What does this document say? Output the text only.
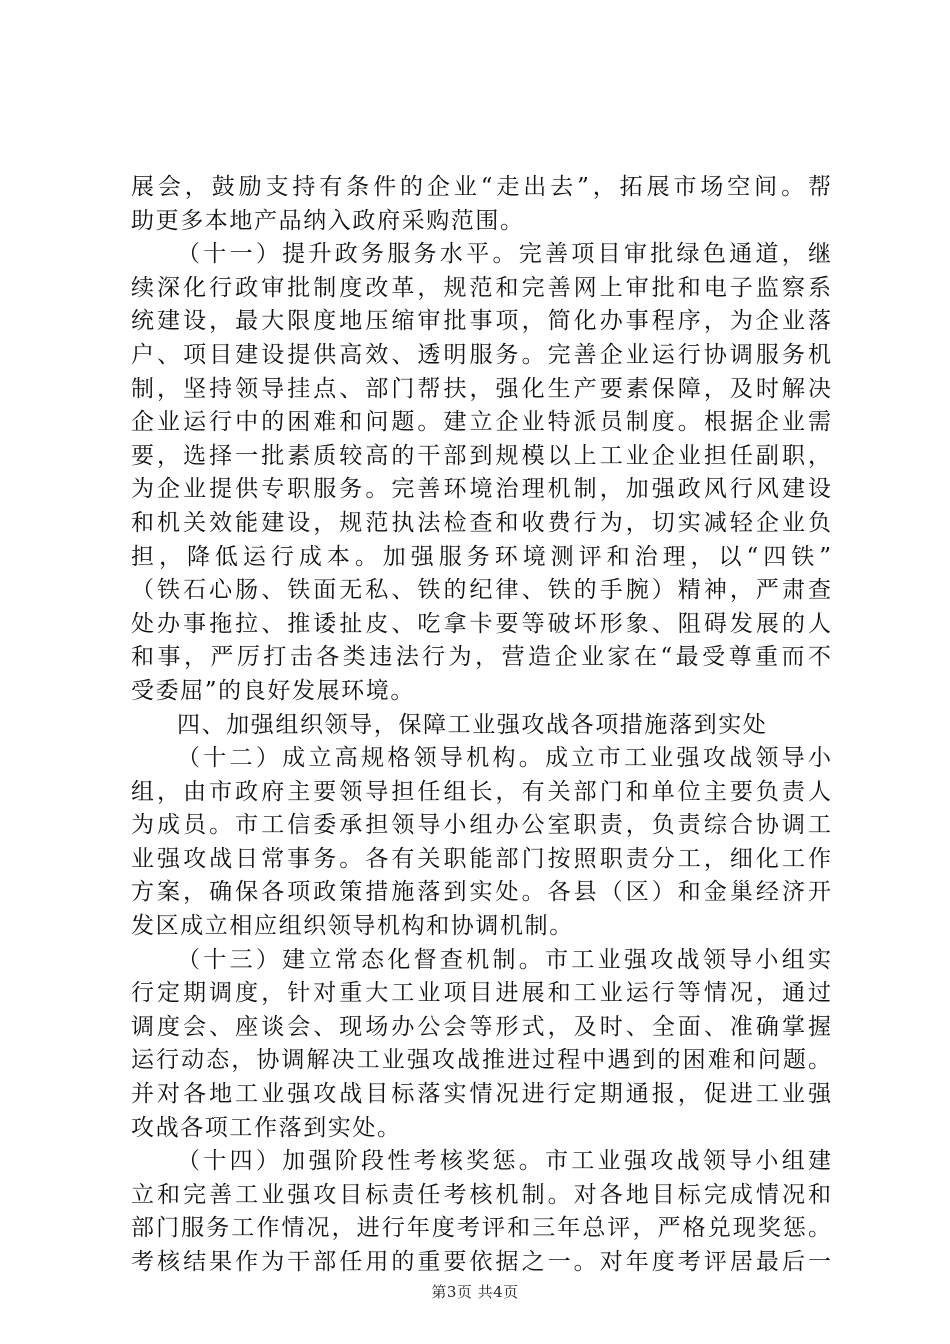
展会，鼓励支持有条件的企业“走出去”，拓展市场空间。帮
助更多本地产品纳入政府采购范围。
（十一）提升政务服务水平。完善项目审批绿色通道，继
续深化行政审批制度改革，规范和完善网上审批和电子监察系
统建设，最大限度地压缩审批事项，简化办事程序，为企业落
户、项目建设提供高效、透明服务。完善企业运行协调服务机
制，坚持领导挂点、部门帮扶，强化生产要素保障，及时解决
企业运行中的困难和问题。建立企业特派员制度。根据企业需
要，选择一批素质较高的干部到规模以上工业企业担任副职，
为企业提供专职服务。完善环境治理机制，加强政风行风建设
和机关效能建设，规范执法检查和收费行为，切实减轻企业负
担，降低运行成本。加强服务环境测评和治理，以“四铁”
（铁石心肠、铁面无私、铁的纪律、铁的手腕）精神，严肃查
处办事拖拉、推诿扯皮、吃拿卡要等破坏形象、阻碍发展的人
和事，严厉打击各类违法行为，营造企业家在“最受尊重而不
受委屈”的良好发展环境。
四、加强组织领导，保障工业强攻战各项措施落到实处
（十二）成立高规格领导机构。成立市工业强攻战领导小
组，由市政府主要领导担任组长，有关部门和单位主要负责人
为成员。市工信委承担领导小组办公室职责，负责综合协调工
业强攻战日常事务。各有关职能部门按照职责分工，细化工作
方案，确保各项政策措施落到实处。各县（区）和金巢经济开
发区成立相应组织领导机构和协调机制。
（十三）建立常态化督查机制。市工业强攻战领导小组实
行定期调度，针对重大工业项目进展和工业运行等情况，通过
调度会、座谈会、现场办公会等形式，及时、全面、准确掌握
运行动态，协调解决工业强攻战推进过程中遇到的困难和问题。
并对各地工业强攻战目标落实情况进行定期通报，促进工业强
攻战各项工作落到实处。
（十四）加强阶段性考核奖惩。市工业强攻战领导小组建
立和完善工业强攻目标责任考核机制。对各地目标完成情况和
部门服务工作情况，进行年度考评和三年总评，严格兑现奖惩。
考核结果作为干部任用的重要依据之一。对年度考评居最后一
第3页 共4页
